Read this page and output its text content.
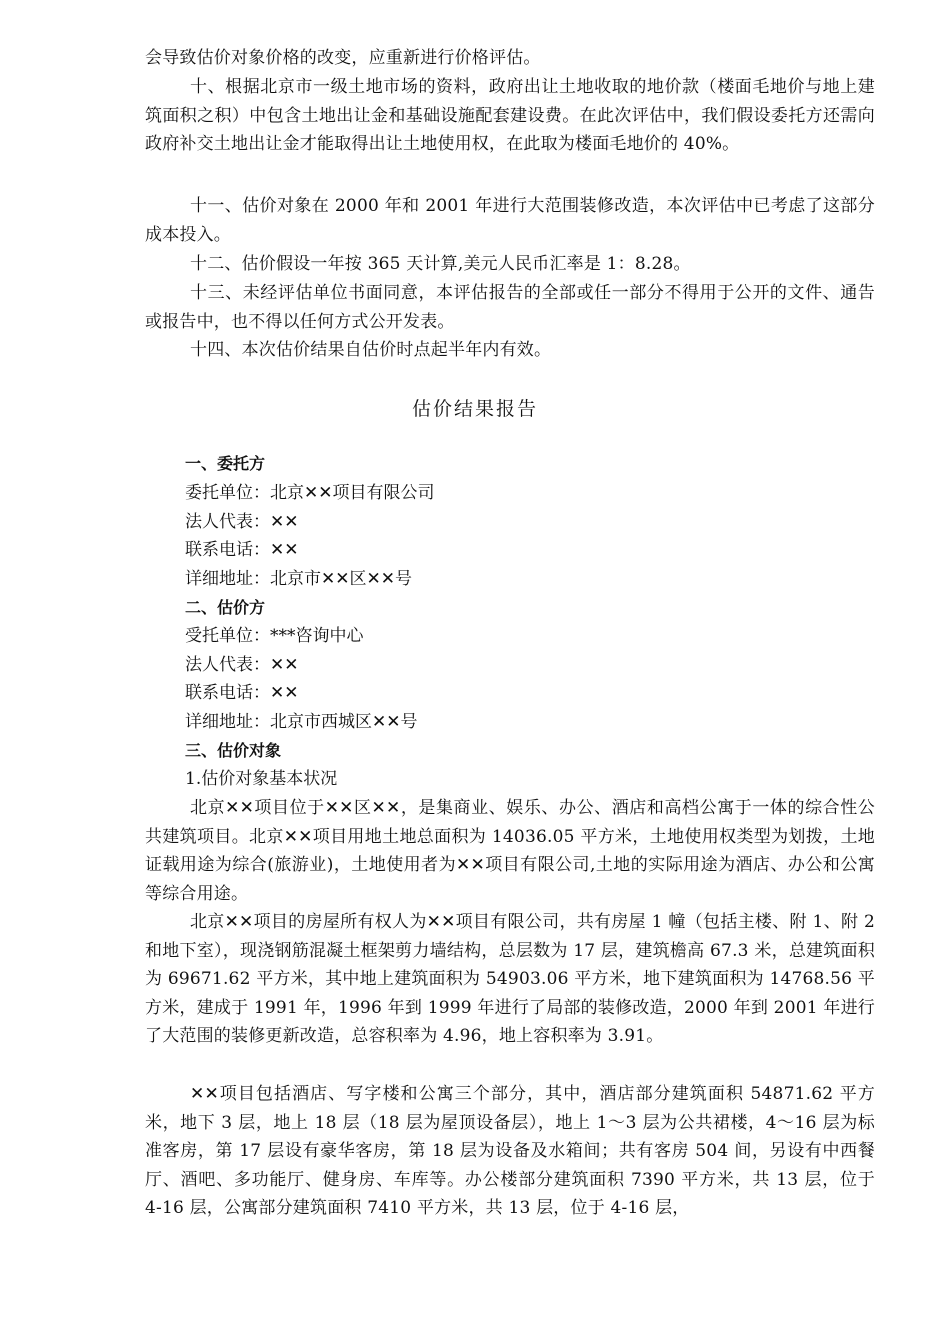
会导致估价对象价格的改变，应重新进行价格评估。

十、根据北京市一级土地市场的资料，政府出让土地收取的地价款（楼面毛地价与地上建筑面积之积）中包含土地出让金和基础设施配套建设费。在此次评估中，我们假设委托方还需向政府补交土地出让金才能取得出让土地使用权，在此取为楼面毛地价的 40%。

十一、估价对象在 2000 年和 2001 年进行大范围装修改造，本次评估中已考虑了这部分成本投入。

十二、估价假设一年按 365 天计算,美元人民币汇率是 1：8.28。

十三、未经评估单位书面同意，本评估报告的全部或任一部分不得用于公开的文件、通告或报告中，也不得以任何方式公开发表。

十四、本次估价结果自估价时点起半年内有效。

估价结果报告

一、委托方

委托单位：北京✕✕项目有限公司

法人代表：✕✕

联系电话：✕✕

详细地址：北京市✕✕区✕✕号

二、估价方

受托单位：***咨询中心

法人代表：✕✕

联系电话：✕✕

详细地址：北京市西城区✕✕号

三、估价对象

1.估价对象基本状况

北京✕✕项目位于✕✕区✕✕，是集商业、娱乐、办公、酒店和高档公寓于一体的综合性公共建筑项目。北京✕✕项目用地土地总面积为 14036.05 平方米，土地使用权类型为划拨，土地证载用途为综合(旅游业)，土地使用者为✕✕项目有限公司,土地的实际用途为酒店、办公和公寓等综合用途。

北京✕✕项目的房屋所有权人为✕✕项目有限公司，共有房屋 1 幢（包括主楼、附 1、附 2 和地下室），现浇钢筋混凝土框架剪力墙结构，总层数为 17 层，建筑檐高 67.3 米，总建筑面积为 69671.62 平方米，其中地上建筑面积为 54903.06 平方米，地下建筑面积为 14768.56 平方米，建成于 1991 年，1996 年到 1999 年进行了局部的装修改造，2000 年到 2001 年进行了大范围的装修更新改造，总容积率为 4.96，地上容积率为 3.91。

✕✕项目包括酒店、写字楼和公寓三个部分，其中，酒店部分建筑面积 54871.62 平方米，地下 3 层，地上 18 层（18 层为屋顶设备层），地上 1～3 层为公共裙楼，4～16 层为标准客房，第 17 层设有豪华客房，第 18 层为设备及水箱间；共有客房 504 间，另设有中西餐厅、酒吧、多功能厅、健身房、车库等。办公楼部分建筑面积 7390 平方米，共 13 层，位于 4-16 层，公寓部分建筑面积 7410 平方米，共 13 层，位于 4-16 层，
